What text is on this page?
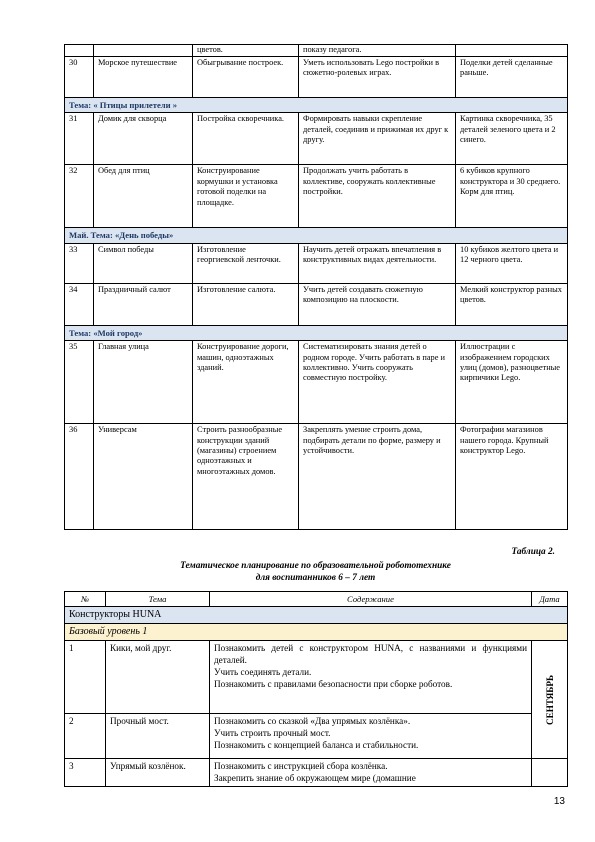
		цветов.	показу педагога.	
30	Морское путешествие	Обыгрывание построек.	Уметь использовать Lego постройки в сюжетно-ролевых играх.	Поделки детей сделанные раньше.
Тема: « Птицы прилетели »				
31	Домик для скворца	Постройка скворечника.	Формировать навыки скрепление деталей, соединив и прижимая их друг к другу.	Картинка скворечника, 35 деталей зеленого цвета и 2 синего.
32	Обед для птиц	Конструирование кормушки и установка готовой поделки на площадке.	Продолжать учить работать в коллективе, сооружать коллективные постройки.	6 кубиков крупного конструктора и 30 среднего. Корм для птиц.
Май. Тема: «День победы»				
33	Символ победы	Изготовление георгиевской ленточки.	Научить детей отражать впечатления в конструктивных видах деятельности.	10 кубиков желтого цвета и 12 черного цвета.
34	Праздничный салют	Изготовление салюта.	Учить детей создавать сюжетную композицию на плоскости.	Мелкий конструктор разных цветов.
Тема: «Мой город»				
35	Главная улица	Конструирование дороги, машин, одноэтажных зданий.	Систематизировать знания детей о родном городе. Учить работать в паре и коллективно. Учить сооружать совместную постройку.	Иллюстрации с изображением городских улиц (домов), разноцветные кирпичики Lego.
36	Универсам	Строить разнообразные конструкции зданий (магазины) строением одноэтажных и многоэтажных домов.	Закреплять умение строить дома, подбирать детали по форме, размеру и устойчивости.	Фотографии магазинов нашего города. Крупный конструктор Lego.
Таблица 2.
Тематическое планирование по образовательной робототехнике
для воспитанников 6 – 7 лет
№	Тема	Содержание	Дата
Конструкторы HUNA			
Базовый уровень 1			
1	Кики, мой друг.	Познакомить детей с конструктором HUNA, с названиями и функциями деталей.
Учить соединять детали.
Познакомить с правилами безопасности при сборке роботов.	СЕНТЯБРЬ

2	Прочный мост.	Познакомить со сказкой «Два упрямых козлёнка».
Учить строить прочный мост.
Познакомить с концепцией баланса и стабильности.	

3	Упрямый козлёнок.	Познакомить с инструкцией сбора козлёнка.
Закрепить знание об окружающем мире (домашние	

13
